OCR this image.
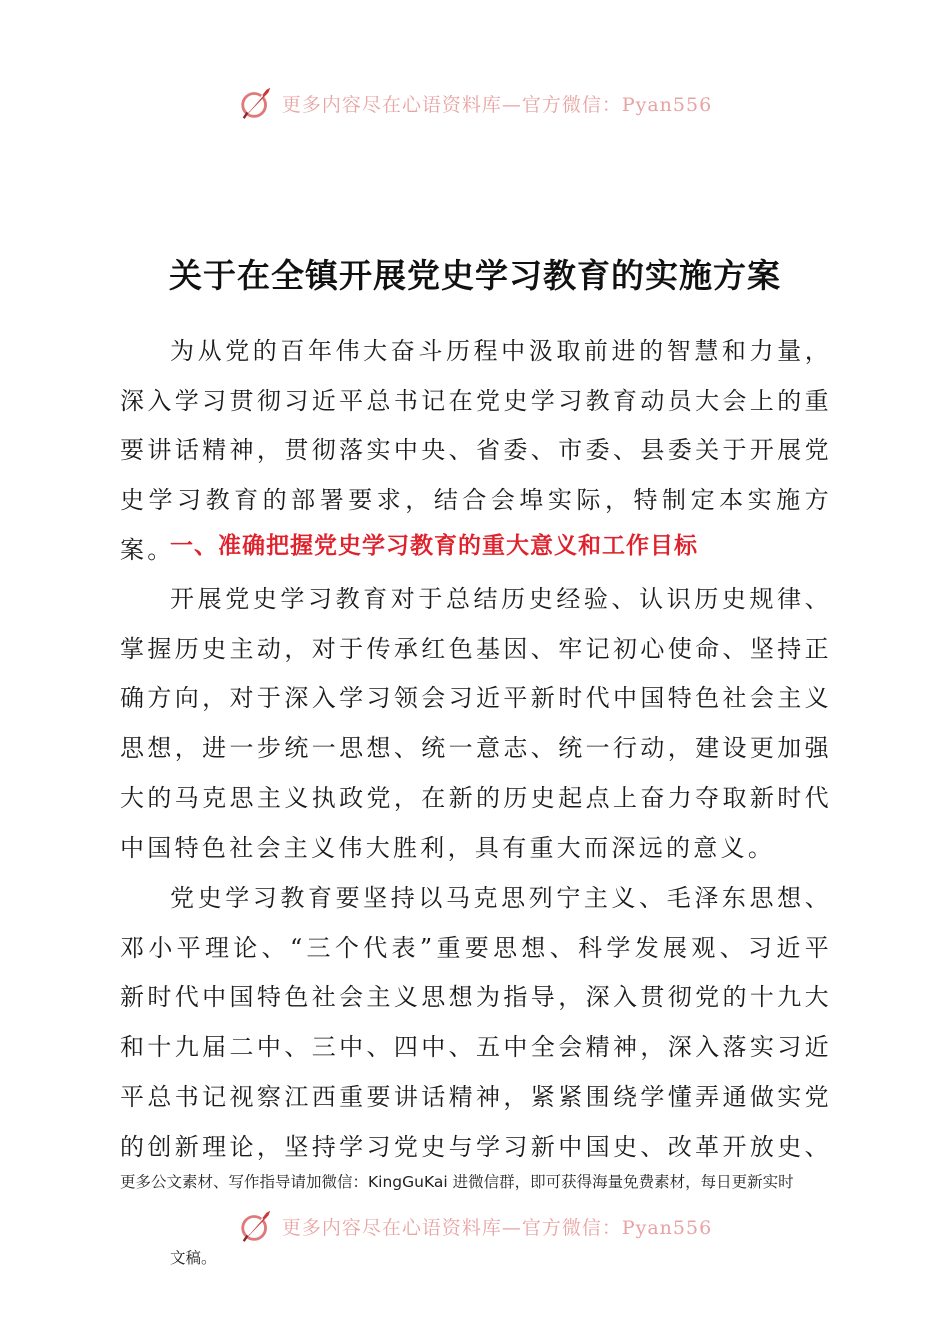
更多内容尽在心语资料库—官方微信：Pyan556
关于在全镇开展党史学习教育的实施方案

为从党的百年伟大奋斗历程中汲取前进的智慧和力量，深入学习贯彻习近平总书记在党史学习教育动员大会上的重要讲话精神，贯彻落实中央、省委、市委、县委关于开展党史学习教育的部署要求，结合会埠实际，特制定本实施方案。

一、准确把握党史学习教育的重大意义和工作目标

开展党史学习教育对于总结历史经验、认识历史规律、掌握历史主动，对于传承红色基因、牢记初心使命、坚持正确方向，对于深入学习领会习近平新时代中国特色社会主义思想，进一步统一思想、统一意志、统一行动，建设更加强大的马克思主义执政党，在新的历史起点上奋力夺取新时代中国特色社会主义伟大胜利，具有重大而深远的意义。

党史学习教育要坚持以马克思列宁主义、毛泽东思想、邓小平理论、“三个代表”重要思想、科学发展观、习近平新时代中国特色社会主义思想为指导，深入贯彻党的十九大和十九届二中、三中、四中、五中全会精神，深入落实习近平总书记视察江西重要讲话精神，紧紧围绕学懂弄通做实党的创新理论，坚持学习党史与学习新中国史、改革开放史、

更多公文素材、写作指导请加微信：KingGuKai 进微信群，即可获得海量免费素材，每日更新实时

更多内容尽在心语资料库—官方微信：Pyan556

文稿。
